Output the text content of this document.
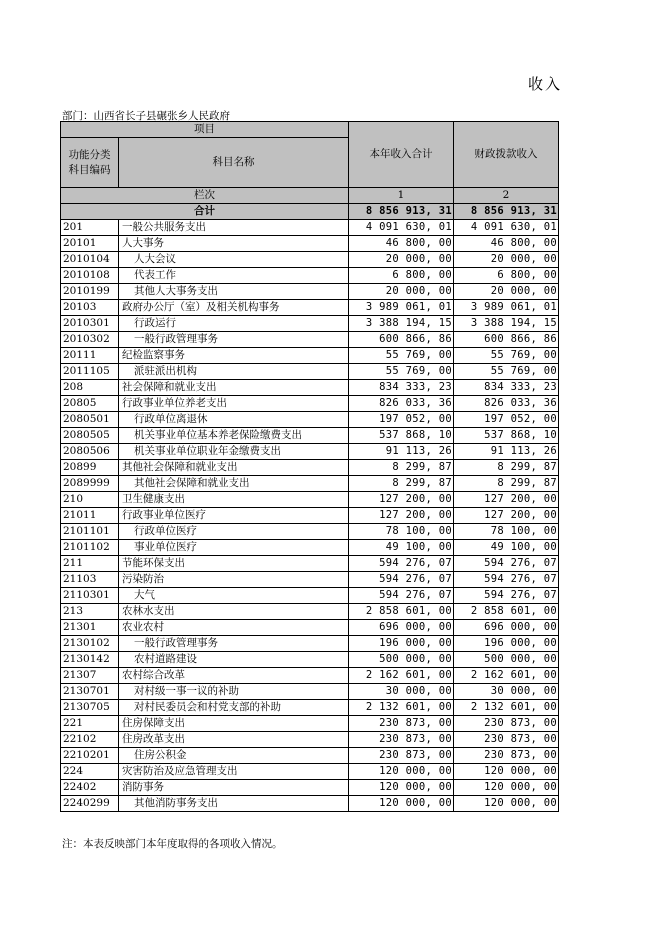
收入
部门：山西省长子县碾张乡人民政府
项目		本年收入合计	财政拨款收入
功能分类科目编码	科目名称		

栏次		1	2
合计		8 856 913, 31	8 856 913, 31
201	一般公共服务支出	4 091 630, 01	4 091 630, 01
20101	人大事务	46 800, 00	46 800, 00
2010104	人大会议	20 000, 00	20 000, 00
2010108	代表工作	6 800, 00	6 800, 00
2010199	其他人大事务支出	20 000, 00	20 000, 00
20103	政府办公厅（室）及相关机构事务	3 989 061, 01	3 989 061, 01
2010301	行政运行	3 388 194, 15	3 388 194, 15
2010302	一般行政管理事务	600 866, 86	600 866, 86
20111	纪检监察事务	55 769, 00	55 769, 00
2011105	派驻派出机构	55 769, 00	55 769, 00
208	社会保障和就业支出	834 333, 23	834 333, 23
20805	行政事业单位养老支出	826 033, 36	826 033, 36
2080501	行政单位离退休	197 052, 00	197 052, 00
2080505	机关事业单位基本养老保险缴费支出	537 868, 10	537 868, 10
2080506	机关事业单位职业年金缴费支出	91 113, 26	91 113, 26
20899	其他社会保障和就业支出	8 299, 87	8 299, 87
2089999	其他社会保障和就业支出	8 299, 87	8 299, 87
210	卫生健康支出	127 200, 00	127 200, 00
21011	行政事业单位医疗	127 200, 00	127 200, 00
2101101	行政单位医疗	78 100, 00	78 100, 00
2101102	事业单位医疗	49 100, 00	49 100, 00
211	节能环保支出	594 276, 07	594 276, 07
21103	污染防治	594 276, 07	594 276, 07
2110301	大气	594 276, 07	594 276, 07
213	农林水支出	2 858 601, 00	2 858 601, 00
21301	农业农村	696 000, 00	696 000, 00
2130102	一般行政管理事务	196 000, 00	196 000, 00
2130142	农村道路建设	500 000, 00	500 000, 00
21307	农村综合改革	2 162 601, 00	2 162 601, 00
2130701	对村级一事一议的补助	30 000, 00	30 000, 00
2130705	对村民委员会和村党支部的补助	2 132 601, 00	2 132 601, 00
221	住房保障支出	230 873, 00	230 873, 00
22102	住房改革支出	230 873, 00	230 873, 00
2210201	住房公积金	230 873, 00	230 873, 00
224	灾害防治及应急管理支出	120 000, 00	120 000, 00
22402	消防事务	120 000, 00	120 000, 00
2240299	其他消防事务支出	120 000, 00	120 000, 00
注：本表反映部门本年度取得的各项收入情况。
